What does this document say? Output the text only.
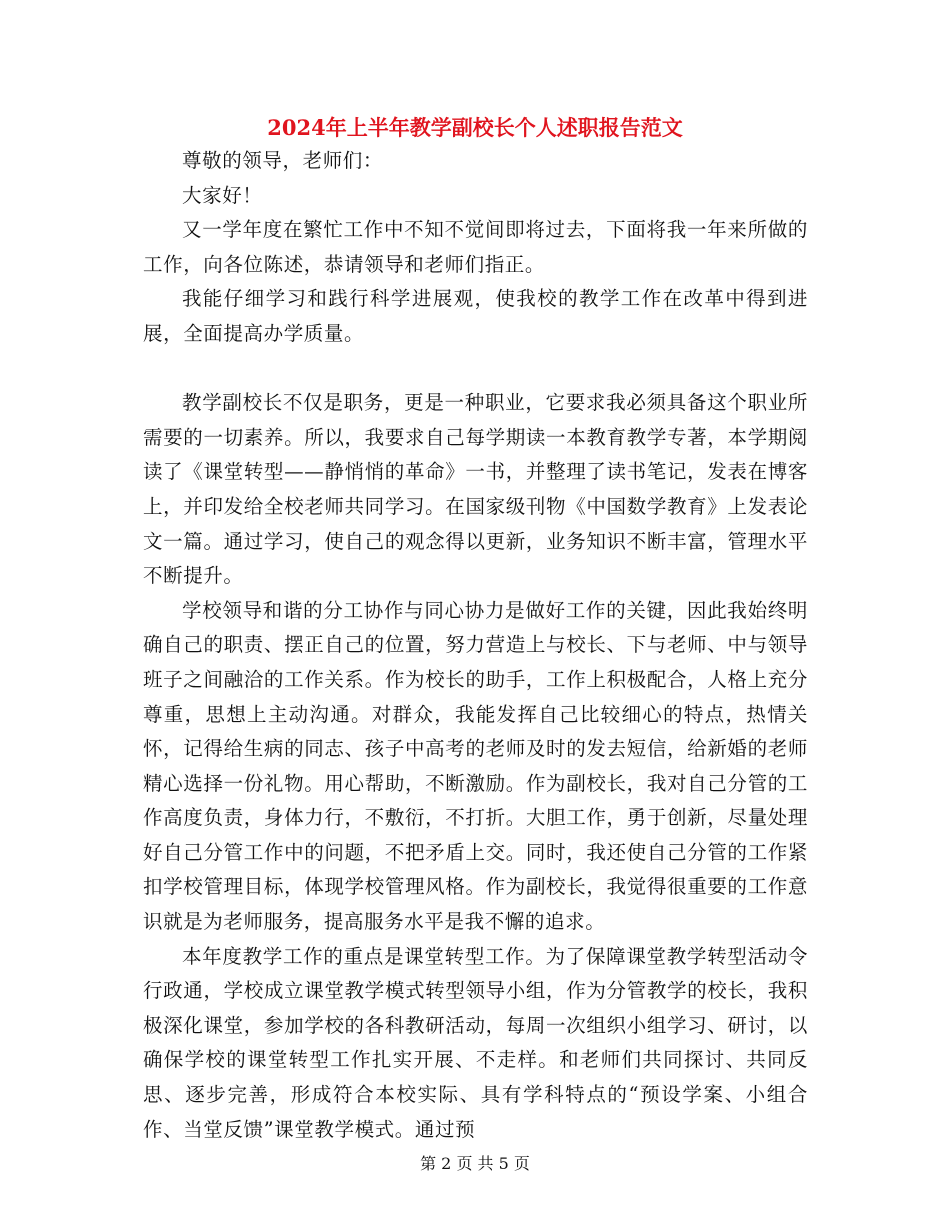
2024年上半年教学副校长个人述职报告范文

尊敬的领导，老师们：

大家好！

又一学年度在繁忙工作中不知不觉间即将过去，下面将我一年来所做的工作，向各位陈述，恭请领导和老师们指正。

我能仔细学习和践行科学进展观，使我校的教学工作在改革中得到进展，全面提高办学质量。

教学副校长不仅是职务，更是一种职业，它要求我必须具备这个职业所需要的一切素养。所以，我要求自己每学期读一本教育教学专著，本学期阅读了《课堂转型——静悄悄的革命》一书，并整理了读书笔记，发表在博客上，并印发给全校老师共同学习。在国家级刊物《中国数学教育》上发表论文一篇。通过学习，使自己的观念得以更新，业务知识不断丰富，管理水平不断提升。

学校领导和谐的分工协作与同心协力是做好工作的关键，因此我始终明确自己的职责、摆正自己的位置，努力营造上与校长、下与老师、中与领导班子之间融洽的工作关系。作为校长的助手，工作上积极配合，人格上充分尊重，思想上主动沟通。对群众，我能发挥自己比较细心的特点，热情关怀，记得给生病的同志、孩子中高考的老师及时的发去短信，给新婚的老师精心选择一份礼物。用心帮助，不断激励。作为副校长，我对自己分管的工作高度负责，身体力行，不敷衍，不打折。大胆工作，勇于创新，尽量处理好自己分管工作中的问题，不把矛盾上交。同时，我还使自己分管的工作紧扣学校管理目标，体现学校管理风格。作为副校长，我觉得很重要的工作意识就是为老师服务，提高服务水平是我不懈的追求。

本年度教学工作的重点是课堂转型工作。为了保障课堂教学转型活动令行政通，学校成立课堂教学模式转型领导小组，作为分管教学的校长，我积极深化课堂，参加学校的各科教研活动，每周一次组织小组学习、研讨，以确保学校的课堂转型工作扎实开展、不走样。和老师们共同探讨、共同反思、逐步完善，形成符合本校实际、具有学科特点的“预设学案、小组合作、当堂反馈”课堂教学模式。通过预

第 2 页 共 5 页
